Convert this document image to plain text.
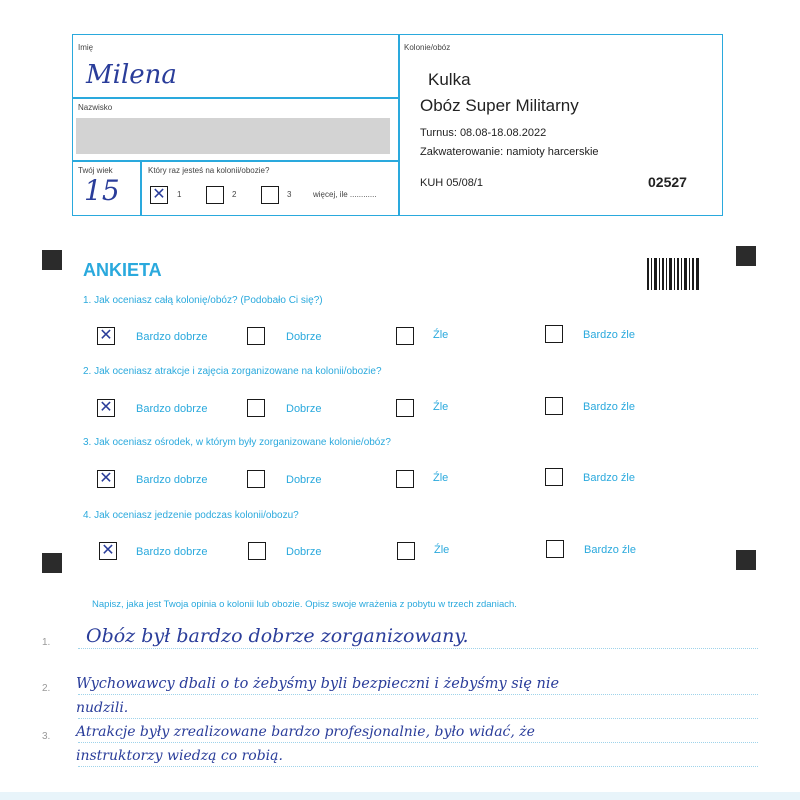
Imię
Milena
Nazwisko
Twój wiek
15
Który raz jesteś na kolonii/obozie?
✕ 1	2	3	więcej, ile ............
Kolonie/obóz
Kulka
Obóz Super Militarny
Turnus: 08.08-18.08.2022
Zakwaterowanie: namioty harcerskie
KUH 05/08/1	02527
ANKIETA
1. Jak oceniasz całą kolonię/obóz? (Podobało Ci się?)
✕ Bardzo dobrze	Dobrze	Źle	Bardzo źle
2. Jak oceniasz atrakcje i zajęcia zorganizowane na kolonii/obozie?
✕ Bardzo dobrze	Dobrze	Źle	Bardzo źle
3. Jak oceniasz ośrodek, w którym były zorganizowane kolonie/obóz?
✕ Bardzo dobrze	Dobrze	Źle	Bardzo źle
4. Jak oceniasz jedzenie podczas kolonii/obozu?
✕ Bardzo dobrze	Dobrze	Źle	Bardzo źle
Napisz, jaka jest Twoja opinia o kolonii lub obozie. Opisz swoje wrażenia z pobytu w trzech zdaniach.
1.
2.
3.
Obóz był bardzo dobrze zorganizowany.
Wychowawcy dbali o to żebyśmy byli bezpieczni i żebyśmy się nie
nudzili.
Atrakcje były zrealizowane bardzo profesjonalnie, było widać, że
instruktorzy wiedzą co robią.
